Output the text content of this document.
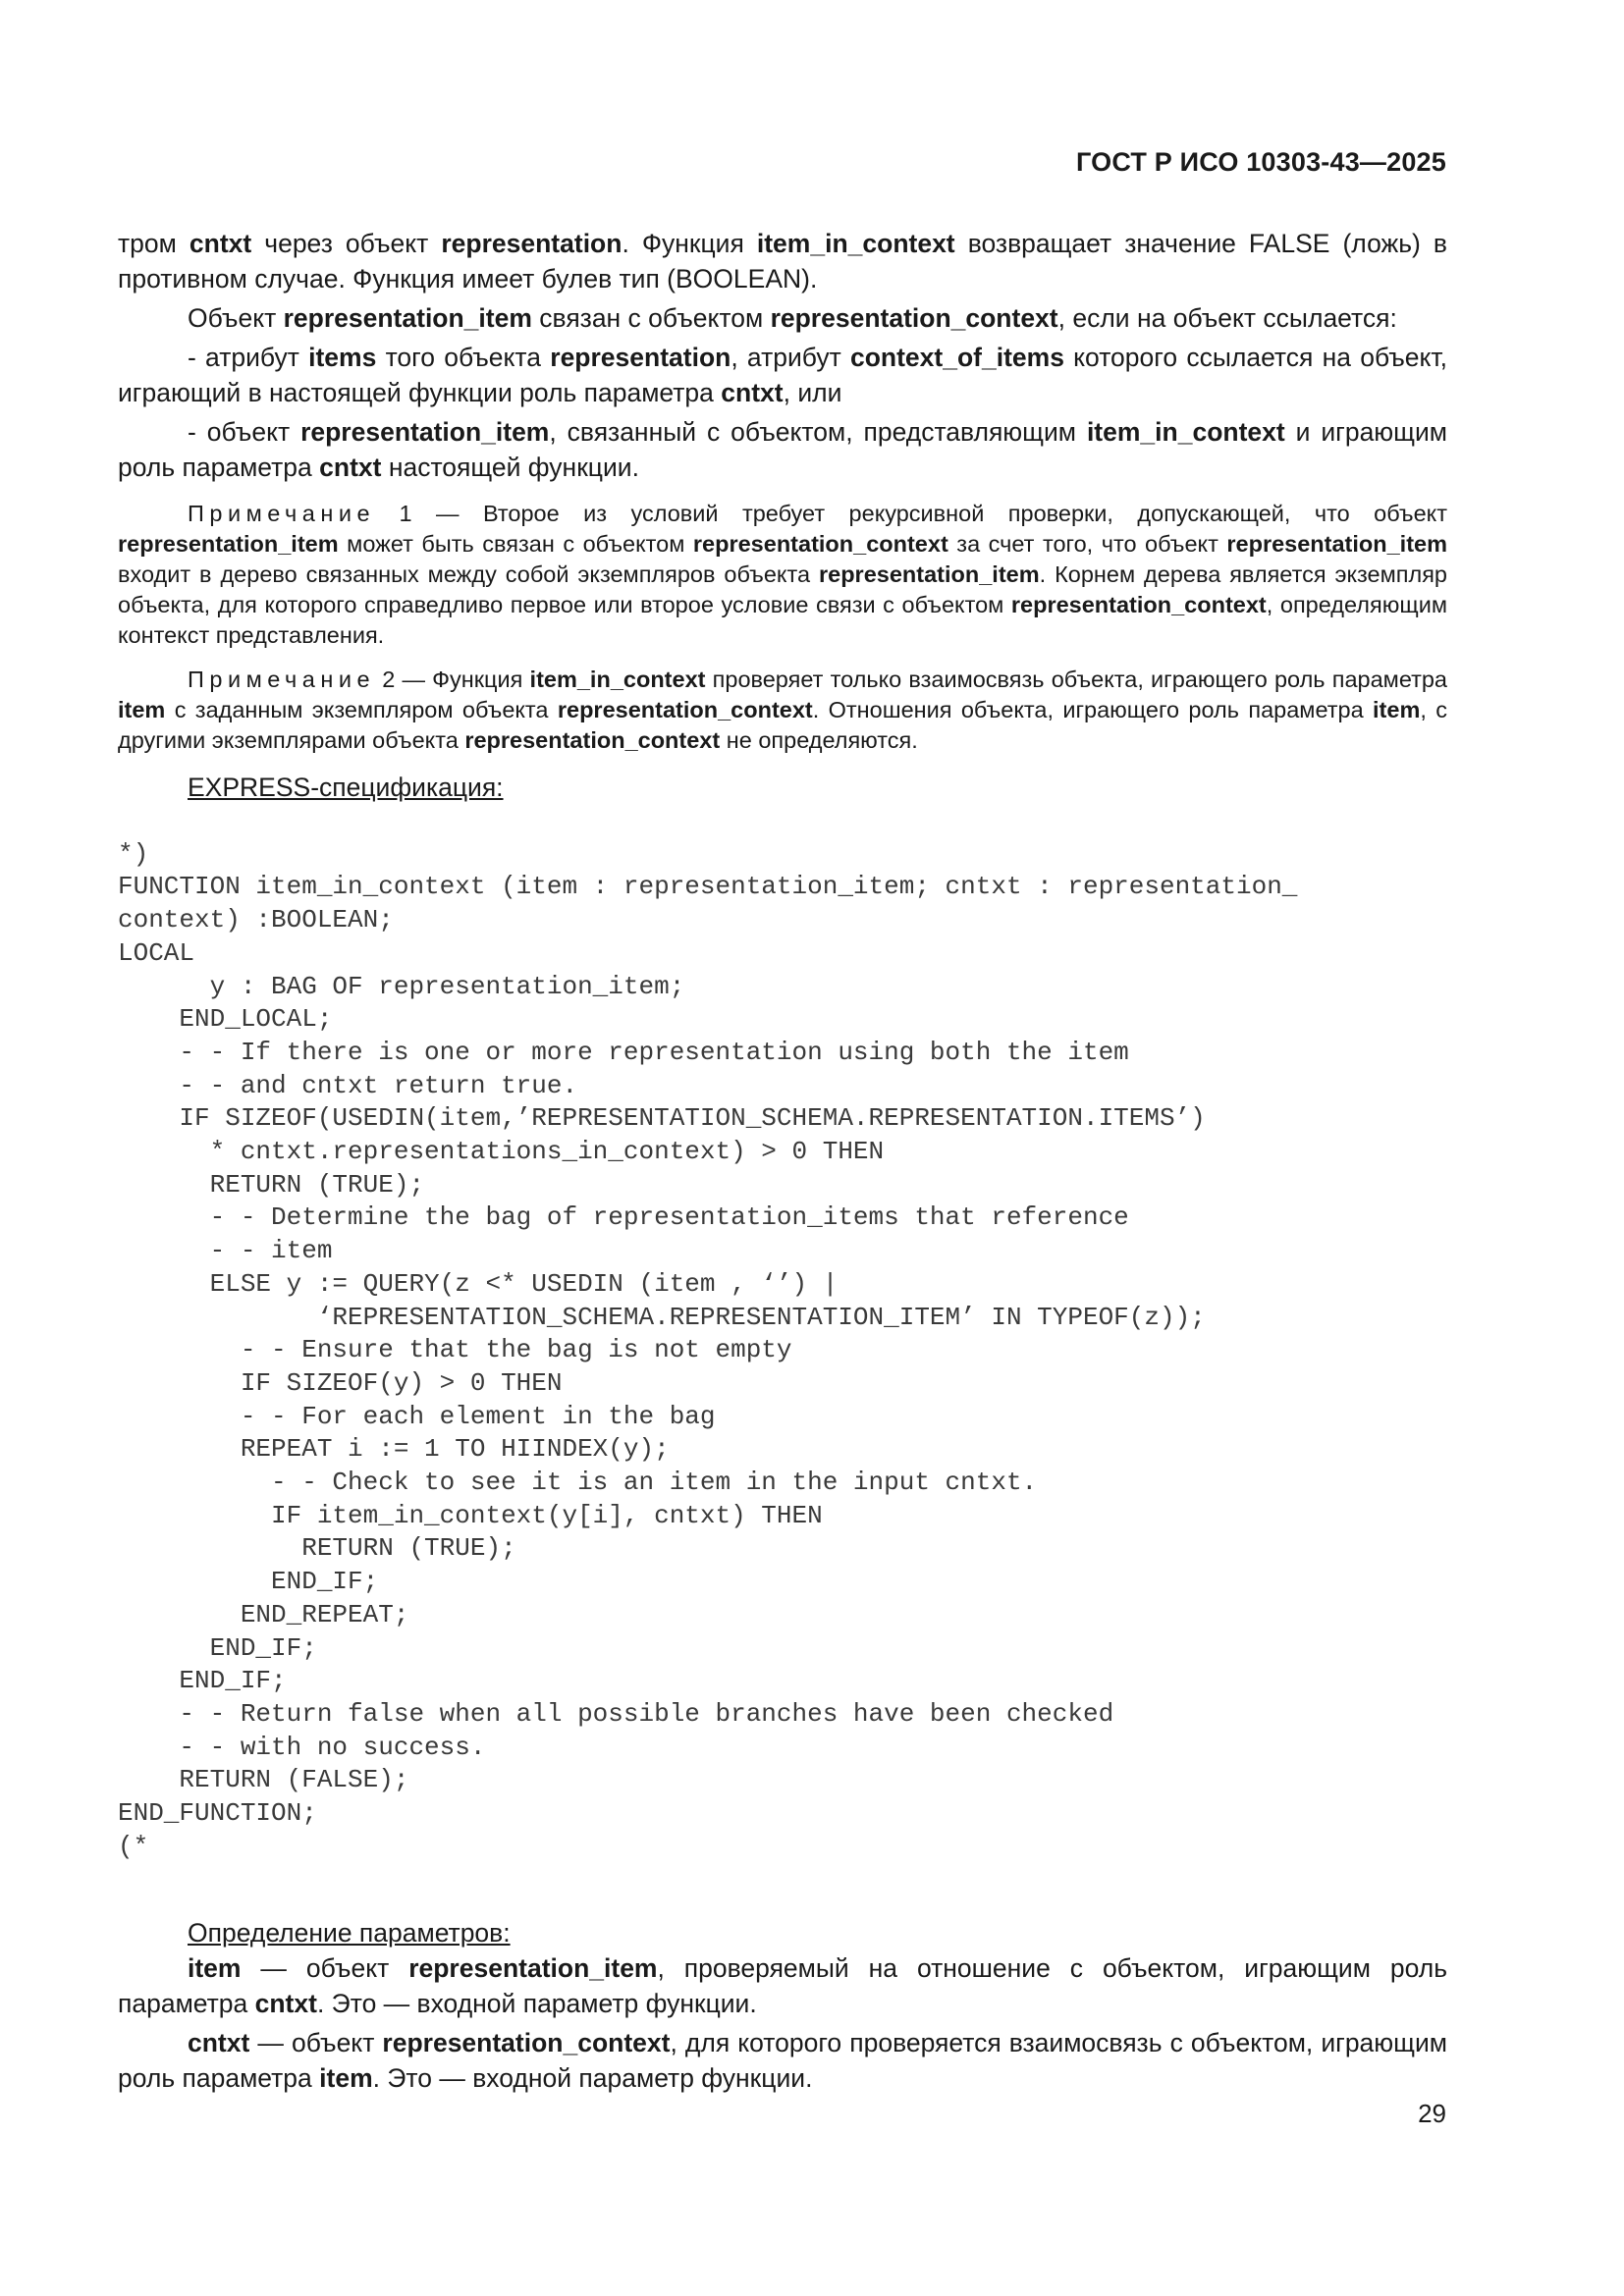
ГОСТ Р ИСО 10303-43—2025

тром cntxt через объект representation. Функция item_in_context возвращает значение FALSE (ложь) в противном случае. Функция имеет булев тип (BOOLEAN).

Объект representation_item связан с объектом representation_context, если на объект ссылается:

- атрибут items того объекта representation, атрибут context_of_items которого ссылается на объект, играющий в настоящей функции роль параметра cntxt, или

- объект representation_item, связанный с объектом, представляющим item_in_context и играющим роль параметра cntxt настоящей функции.

Примечание 1 — Второе из условий требует рекурсивной проверки, допускающей, что объект representation_item может быть связан с объектом representation_context за счет того, что объект representation_item входит в дерево связанных между собой экземпляров объекта representation_item. Корнем дерева является экземпляр объекта, для которого справедливо первое или второе условие связи с объектом representation_context, определяющим контекст представления.

Примечание 2 — Функция item_in_context проверяет только взаимосвязь объекта, играющего роль параметра item с заданным экземпляром объекта representation_context. Отношения объекта, играющего роль параметра item, с другими экземплярами объекта representation_context не определяются.

EXPRESS-спецификация:

*)
FUNCTION item_in_context (item : representation_item; cntxt : representation_
context) :BOOLEAN;
LOCAL
y : BAG OF representation_item;
END_LOCAL;
- - If there is one or more representation using both the item
- - and cntxt return true.
IF SIZEOF(USEDIN(item,’REPRESENTATION_SCHEMA.REPRESENTATION.ITEMS’)
* cntxt.representations_in_context) > 0 THEN
RETURN (TRUE);
- - Determine the bag of representation_items that reference
- - item
ELSE y := QUERY(z <* USEDIN (item , ‘’) |
‘REPRESENTATION_SCHEMA.REPRESENTATION_ITEM’ IN TYPEOF(z));
- - Ensure that the bag is not empty
IF SIZEOF(y) > 0 THEN
- - For each element in the bag
REPEAT i := 1 TO HIINDEX(y);
- - Check to see it is an item in the input cntxt.
IF item_in_context(y[i], cntxt) THEN
RETURN (TRUE);
END_IF;
END_REPEAT;
END_IF;
END_IF;
- - Return false when all possible branches have been checked
- - with no success.
RETURN (FALSE);
END_FUNCTION;
(*
Определение параметров:

item — объект representation_item, проверяемый на отношение с объектом, играющим роль параметра cntxt. Это — входной параметр функции.

cntxt — объект representation_context, для которого проверяется взаимосвязь с объектом, играющим роль параметра item. Это — входной параметр функции.

29
